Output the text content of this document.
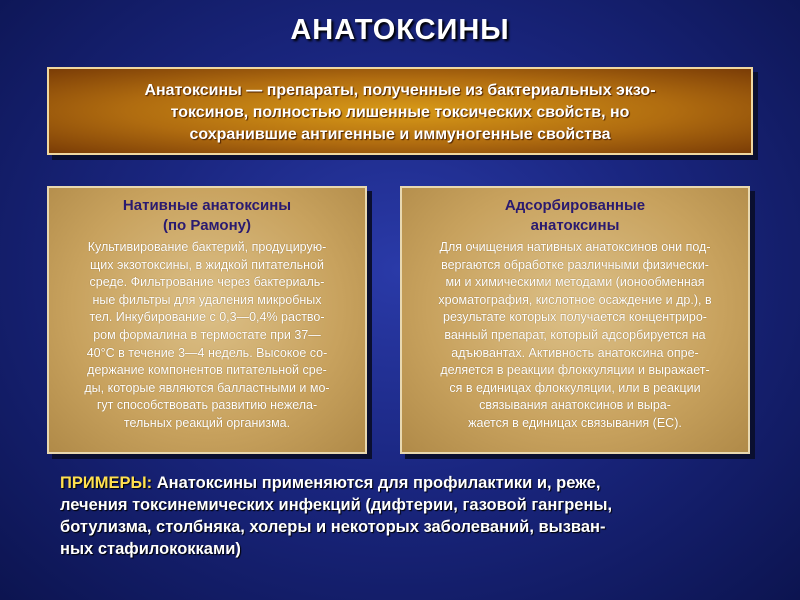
АНАТОКСИНЫ
Анатоксины — препараты, полученные из бактериальных экзо-
токсинов, полностью лишенные токсических свойств, но
сохранившие антигенные и иммуногенные свойства
Нативные анатоксины
(по Рамону)
Культивирование бактерий, продуцирую-
щих экзотоксины, в жидкой питательной
среде. Фильтрование через бактериаль-
ные фильтры для удаления микробных
тел. Инкубирование с 0,3—0,4% раство-
ром формалина в термостате при 37—
40°С в течение 3—4 недель. Высокое со-
держание компонентов питательной сре-
ды, которые являются балластными и мо-
гут способствовать развитию нежела-
тельных реакций организма.
Адсорбированные
анатоксины
Для очищения нативных анатоксинов они под-
вергаются обработке различными физически-
ми и химическими методами (ионообменная
хроматография, кислотное осаждение и др.), в
результате которых получается концентриро-
ванный препарат, который адсорбируется на
адъювантах. Активность анатоксина опре-
деляется в реакции флоккуляции и выражает-
ся в единицах флоккуляции, или в реакции
связывания анатоксинов и выра-
жается в единицах связывания (ЕС).
ПРИМЕРЫ: Анатоксины применяются для профилактики и, реже,
лечения токсинемических инфекций (дифтерии, газовой гангрены,
ботулизма, столбняка, холеры и некоторых заболеваний, вызван-
ных стафилококками)
